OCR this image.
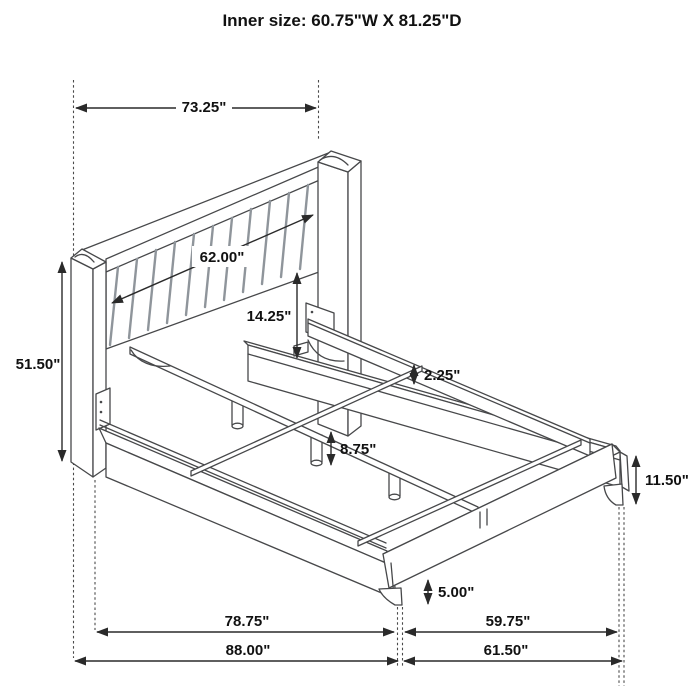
Inner size: 60.75"W X 81.25"D
73.25"
51.50"
62.00"
14.25"
2.25"
8.75"
11.50"
5.00"
78.75"	59.75"
88.00"	61.50"
